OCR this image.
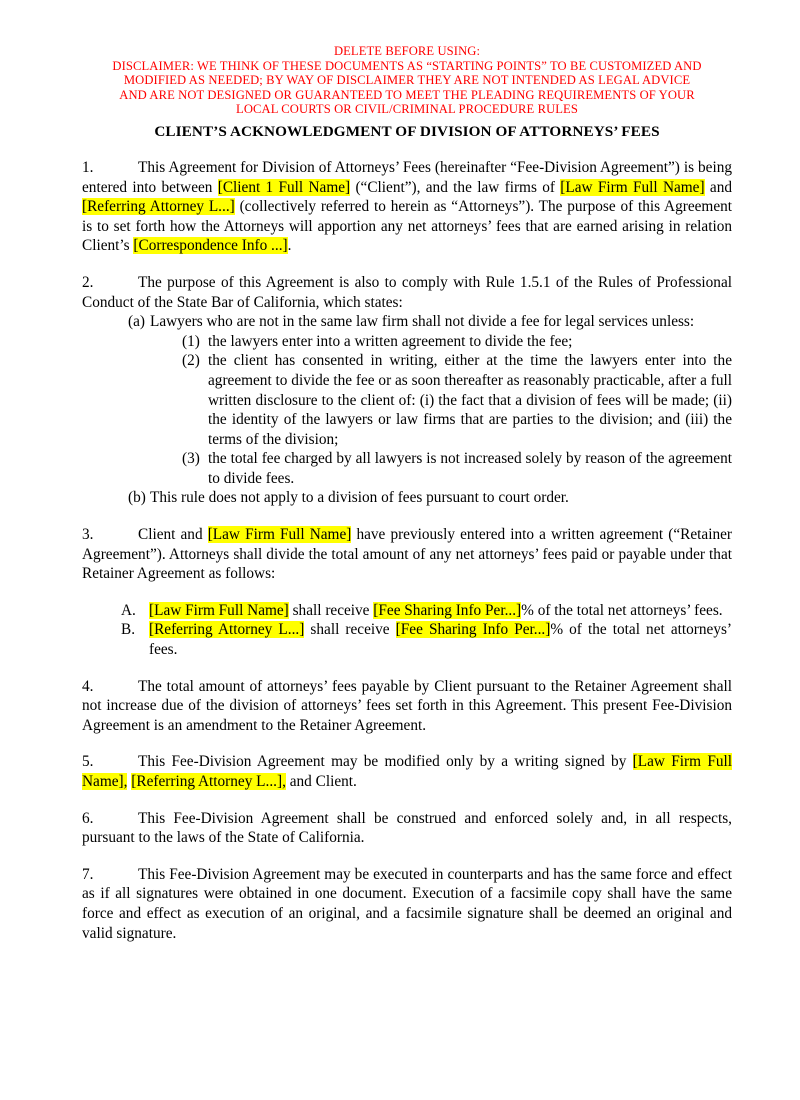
DELETE BEFORE USING:
DISCLAIMER: WE THINK OF THESE DOCUMENTS AS “STARTING POINTS” TO BE CUSTOMIZED AND
MODIFIED AS NEEDED; BY WAY OF DISCLAIMER THEY ARE NOT INTENDED AS LEGAL ADVICE
AND ARE NOT DESIGNED OR GUARANTEED TO MEET THE PLEADING REQUIREMENTS OF YOUR
LOCAL COURTS OR CIVIL/CRIMINAL PROCEDURE RULES
CLIENT’S ACKNOWLEDGMENT OF DIVISION OF ATTORNEYS’ FEES

1.	This Agreement for Division of Attorneys’ Fees (hereinafter “Fee-Division Agreement”) is being entered into between [Client 1 Full Name] (“Client”), and the law firms of [Law Firm Full Name] and [Referring Attorney L...] (collectively referred to herein as “Attorneys”). The purpose of this Agreement is to set forth how the Attorneys will apportion any net attorneys’ fees that are earned arising in relation Client’s [Correspondence Info ...].

2.	The purpose of this Agreement is also to comply with Rule 1.5.1 of the Rules of Professional Conduct of the State Bar of California, which states:

(a) Lawyers who are not in the same law firm shall not divide a fee for legal services unless:
(1) the lawyers enter into a written agreement to divide the fee;
(2) the client has consented in writing, either at the time the lawyers enter into the agreement to divide the fee or as soon thereafter as reasonably practicable, after a full written disclosure to the client of: (i) the fact that a division of fees will be made; (ii) the identity of the lawyers or law firms that are parties to the division; and (iii) the terms of the division;
(3) the total fee charged by all lawyers is not increased solely by reason of the agreement to divide fees.
(b) This rule does not apply to a division of fees pursuant to court order.

3.	Client and [Law Firm Full Name] have previously entered into a written agreement (“Retainer Agreement”). Attorneys shall divide the total amount of any net attorneys’ fees paid or payable under that Retainer Agreement as follows:

A. [Law Firm Full Name] shall receive [Fee Sharing Info Per...]% of the total net attorneys’ fees.
B. [Referring Attorney L...] shall receive [Fee Sharing Info Per...]% of the total net attorneys’ fees.

4.	The total amount of attorneys’ fees payable by Client pursuant to the Retainer Agreement shall not increase due of the division of attorneys’ fees set forth in this Agreement. This present Fee-Division Agreement is an amendment to the Retainer Agreement.

5.	This Fee-Division Agreement may be modified only by a writing signed by [Law Firm Full Name], [Referring Attorney L...], and Client.

6.	This Fee-Division Agreement shall be construed and enforced solely and, in all respects, pursuant to the laws of the State of California.

7.	This Fee-Division Agreement may be executed in counterparts and has the same force and effect as if all signatures were obtained in one document. Execution of a facsimile copy shall have the same force and effect as execution of an original, and a facsimile signature shall be deemed an original and valid signature.
